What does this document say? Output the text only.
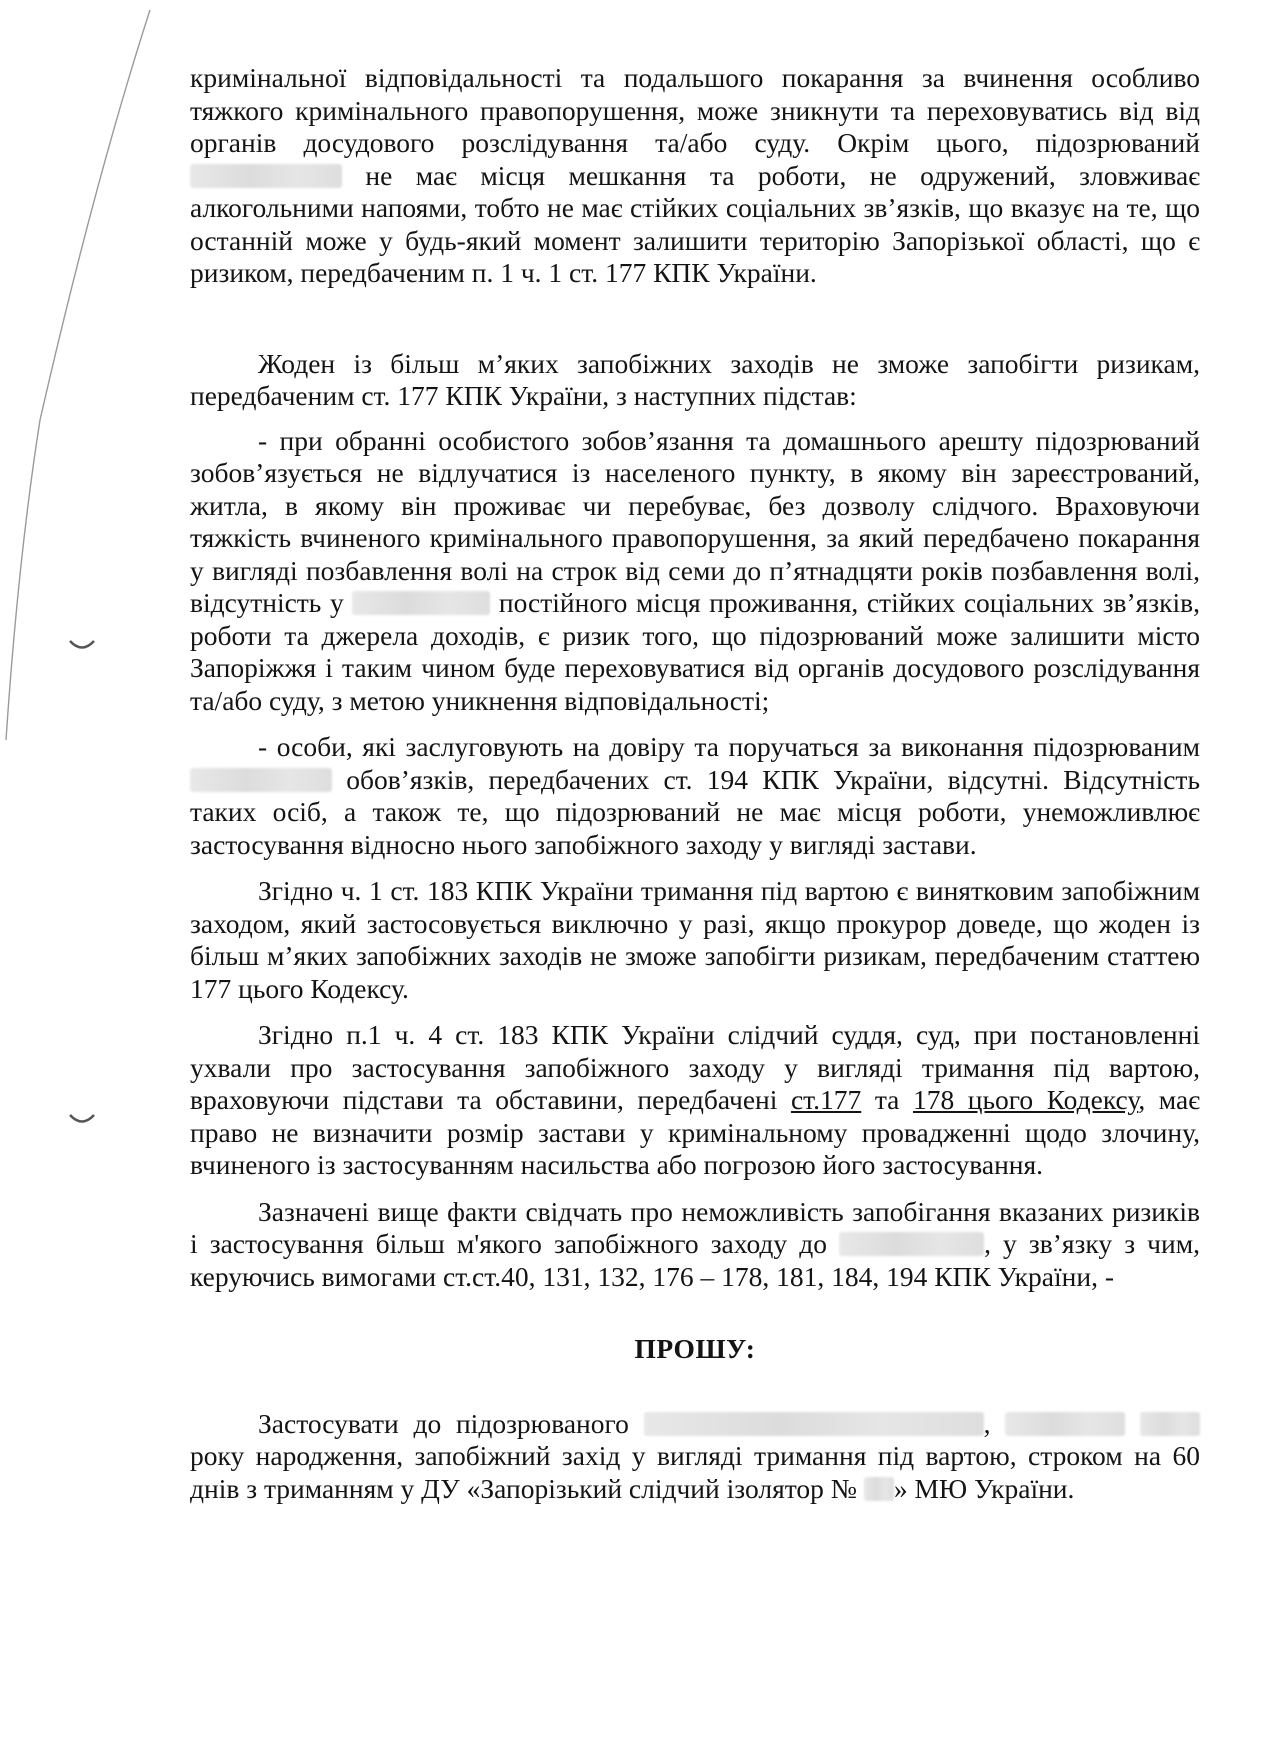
кримінальної відповідальності та подальшого покарання за вчинення особливо тяжкого кримінального правопорушення, може зникнути та переховуватись від від органів досудового розслідування та/або суду. Окрім цього, підозрюваний  не має місця мешкання та роботи, не одружений, зловживає алкогольними напоями, тобто не має стійких соціальних зв’язків, що вказує на те, що останній може у будь-який момент залишити територію Запорізької області, що є ризиком, передбаченим п. 1 ч. 1 ст. 177 КПК України.

Жоден із більш м’яких запобіжних заходів не зможе запобігти ризикам, передбаченим ст. 177 КПК України, з наступних підстав:

- при обранні особистого зобов’язання та домашнього арешту підозрюваний зобов’язується не відлучатися із населеного пункту, в якому він зареєстрований, житла, в якому він проживає чи перебуває, без дозволу слідчого. Враховуючи тяжкість вчиненого кримінального правопорушення, за який передбачено покарання у вигляді позбавлення волі на строк від семи до п’ятнадцяти років позбавлення волі, відсутність у	постійного місця проживання, стійких соціальних зв’язків, роботи та джерела доходів, є ризик того, що підозрюваний може залишити місто Запоріжжя і таким чином буде переховуватися від органів досудового розслідування та/або суду, з метою уникнення відповідальності;

- особи, які заслуговують на довіру та поручаться за виконання підозрюваним  обов’язків, передбачених ст. 194 КПК України, відсутні. Відсутність таких осіб, а також те, що підозрюваний не має місця роботи, унеможливлює застосування відносно нього запобіжного заходу у вигляді застави.

Згідно ч. 1 ст. 183 КПК України тримання під вартою є винятковим запобіжним заходом, який застосовується виключно у разі, якщо прокурор доведе, що жоден із більш м’яких запобіжних заходів не зможе запобігти ризикам, передбаченим статтею 177 цього Кодексу.

Згідно п.1 ч. 4 ст. 183 КПК України слідчий суддя, суд, при постановленні ухвали про застосування запобіжного заходу у вигляді тримання під вартою, враховуючи підстави та обставини, передбачені ст.177 та 178 цього Кодексу, має право не визначити розмір застави у кримінальному провадженні щодо злочину, вчиненого із застосуванням насильства або погрозою його застосування.

Зазначені вище факти свідчать про неможливість запобігання вказаних ризиків і застосування більш м'якого запобіжного заходу до	, у зв’язку з чим, керуючись вимогами ст.ст.40, 131, 132, 176 – 178, 181, 184, 194 КПК України, -

ПРОШУ:

Застосувати до підозрюваного	,   року народження, запобіжний захід у вигляді тримання під вартою, строком на 60 днів з триманням у ДУ «Запорізький слідчий ізолятор № » МЮ України.
